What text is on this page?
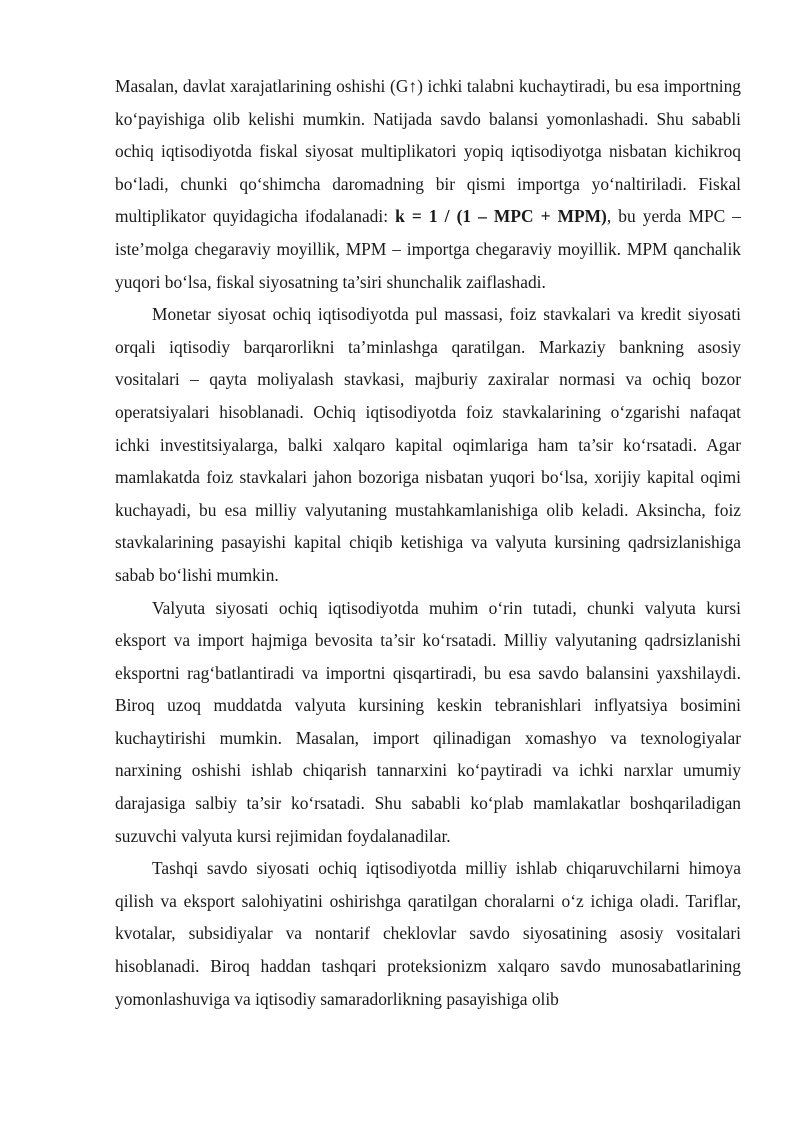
Masalan, davlat xarajatlarining oshishi (G↑) ichki talabni kuchaytiradi, bu esa importning ko‘payishiga olib kelishi mumkin. Natijada savdo balansi yomonlashadi. Shu sababli ochiq iqtisodiyotda fiskal siyosat multiplikatori yopiq iqtisodiyotga nisbatan kichikroq bo‘ladi, chunki qo‘shimcha daromadning bir qismi importga yo‘naltiriladi. Fiskal multiplikator quyidagicha ifodalanadi: k = 1 / (1 – MPC + MPM), bu yerda MPC – iste’molga chegaraviy moyillik, MPM – importga chegaraviy moyillik. MPM qanchalik yuqori bo‘lsa, fiskal siyosatning ta’siri shunchalik zaiflashadi.

Monetar siyosat ochiq iqtisodiyotda pul massasi, foiz stavkalari va kredit siyosati orqali iqtisodiy barqarorlikni ta’minlashga qaratilgan. Markaziy bankning asosiy vositalari – qayta moliyalash stavkasi, majburiy zaxiralar normasi va ochiq bozor operatsiyalari hisoblanadi. Ochiq iqtisodiyotda foiz stavkalarining o‘zgarishi nafaqat ichki investitsiyalarga, balki xalqaro kapital oqimlariga ham ta’sir ko‘rsatadi. Agar mamlakatda foiz stavkalari jahon bozoriga nisbatan yuqori bo‘lsa, xorijiy kapital oqimi kuchayadi, bu esa milliy valyutaning mustahkamlanishiga olib keladi. Aksincha, foiz stavkalarining pasayishi kapital chiqib ketishiga va valyuta kursining qadrsizlanishiga sabab bo‘lishi mumkin.

Valyuta siyosati ochiq iqtisodiyotda muhim o‘rin tutadi, chunki valyuta kursi eksport va import hajmiga bevosita ta’sir ko‘rsatadi. Milliy valyutaning qadrsizlanishi eksportni rag‘batlantiradi va importni qisqartiradi, bu esa savdo balansini yaxshilaydi. Biroq uzoq muddatda valyuta kursining keskin tebranishlari inflyatsiya bosimini kuchaytirishi mumkin. Masalan, import qilinadigan xomashyo va texnologiyalar narxining oshishi ishlab chiqarish tannarxini ko‘paytiradi va ichki narxlar umumiy darajasiga salbiy ta’sir ko‘rsatadi. Shu sababli ko‘plab mamlakatlar boshqariladigan suzuvchi valyuta kursi rejimidan foydalanadilar.

Tashqi savdo siyosati ochiq iqtisodiyotda milliy ishlab chiqaruvchilarni himoya qilish va eksport salohiyatini oshirishga qaratilgan choralarni o‘z ichiga oladi. Tariflar, kvotalar, subsidiyalar va nontarif cheklovlar savdo siyosatining asosiy vositalari hisoblanadi. Biroq haddan tashqari proteksionizm xalqaro savdo munosabatlarining yomonlashuviga va iqtisodiy samaradorlikning pasayishiga olib
